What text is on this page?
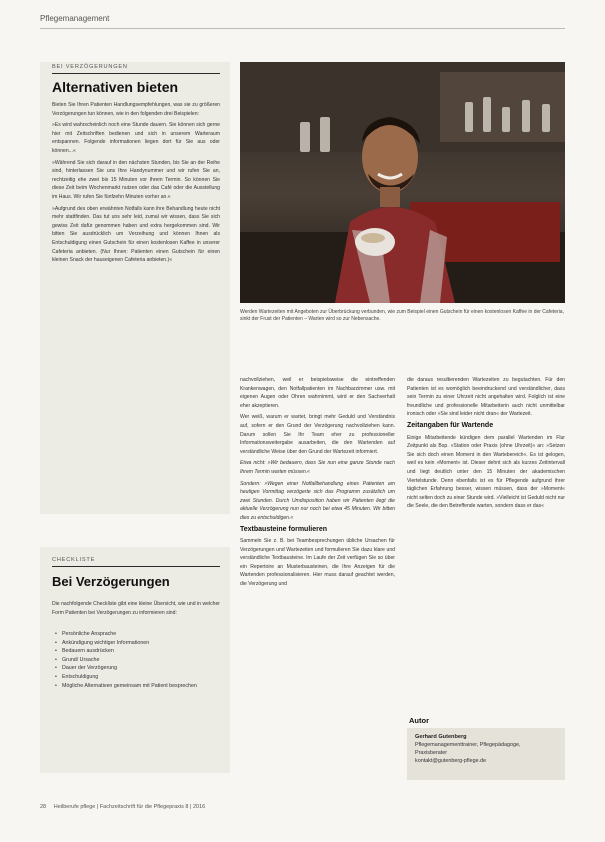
Pflegemanagement
BEI VERZÖGERUNGEN
Alternativen bieten

Bieten Sie Ihren Patienten Handlungsempfehlungen, was sie zu größeren Verzögerungen tun können, wie in den folgenden drei Beispielen:

»Es wird wahrscheinlich noch eine Stunde dauern. Sie können sich gerne hier mit Zeitschriften bedienen und sich in unserem Warteraum entspannen. Folgende informationen liegen dort für Sie aus oder können...«

»Während Sie sich darauf in den nächsten Stunden, bis Sie an der Reihe sind, hinterlassen Sie uns Ihre Handynummer und wir rufen Sie an, rechtzeitig ehe zwei bis 15 Minuten vor Ihrem Termin. So können Sie diese Zeit beim Wochenmarkt nutzen oder das Café oder die Ausstellung im Haus. Wir rufen Sie fünfzehn Minuten vorher an.«

»Aufgrund des oben erwähnten Notfalls kann ihre Behandlung heute nicht mehr stattfinden. Das tut uns sehr leid, zumal wir wissen, dass Sie sich gewiss Zeit dafür genommen haben und extra hergekommen sind. Wir bitten Sie ausdrücklich um Verzeihung und können Ihnen als Entschuldigung einen Gutschein für einen kostenlosen Kaffee in unserer Cafeteria anbieten. (Nur Ihnen: Patienten einen Gutschein für einen kleinen Snack der hauseigenen Cafeteria anbieten.)«

CHECKLISTE
Bei Verzögerungen
Die nachfolgende Checkliste gibt eine kleine Übersicht, wie und in welcher Form Patienten bei Verzögerungen zu informieren sind:
• Persönliche Ansprache
• Ankündigung wichtiger Informationen
• Bedauern ausdrücken
• Grund/ Ursache
• Dauer der Verzögerung
• Entschuldigung
• Mögliche Alternativen gemeinsam mit Patient besprechen
Werden Wartezeiten mit Angeboten zur Überbrückung verbunden, wie zum Beispiel einen Gutschein für einen kostenlosen Kaffee in der Cafeteria, sinkt der Frust der Patienten – Warten wird so zur Nebensache.

nachvollziehen, weil er beispielsweise die eintreffenden Krankenwagen, den Notfallpatienten im Nachbarzimmer usw. mit eigenen Augen oder Ohren wahrnimmt, wird er den Sachverhalt eher akzeptieren.

Wer weiß, warum er wartet, bringt mehr Geduld und Verständnis auf, sofern er den Grund der Verzögerung nachvollziehen kann. Darum sollen Sie Ihr Team eher zu professioneller Informationsweitergabe ausarbeiten, die den Wartenden auf verständliche Weise über den Grund der Wartezeit informiert.

Etwa nicht: »Wir bedauern, dass Sie nun eine ganze Stunde nach Ihrem Termin warten müssen.«

Sondern: »Wegen einer Notfallbehandlung eines Patienten am heutigen Vormittag verzögerte sich das Programm zusätzlich um zwei Stunden. Durch Umdisposition haben wir Patienten liegt die aktuelle Verzögerung nun nur noch bei etwa 45 Minuten. Wir bitten dies zu entschuldigen.«

Textbausteine formulieren

Sammeln Sie z. B. bei Teambesprechungen übliche Ursachen für Verzögerungen und Wartezeiten und formulieren Sie dazu klare und verständliche Textbausteine. Im Laufe der Zeit verfügen Sie so über ein Repertoire an Musterbausteinen, die Ihre Anzeigen für die Wartenden professionalisieren. Hier muss darauf geachtet werden, die Verzögerung und

die daraus resultierenden Wartezeiten zu begutachten. Für den Patienten ist es womöglich beeindruckend und verständlicher, dass sein Termin zu einer Uhrzeit nicht angehalten wird. Folglich ist eine freundliche und professionelle Mitarbeiterin auch nicht unmittelbar ironisch oder »Sie sind leider nicht dran« der Wartezeit.

Zeitangaben für Wartende

Einige Mitarbeitende kündigen dem parallel Wartenden im Flur Zeitpunkt als Bsp. »Station oder Praxis (ohne Uhrzeit)« an: »Setzen Sie sich doch einen Moment in den Wartebereich«. Es ist gelogen, weil es kein »Moment« ist. Dieser dehnt sich als kurzes Zeitintervall und liegt deutlich unter den 15 Minuten der akademischen Viertelstunde. Denn ebenfalls ist es für Pflegende aufgrund ihrer täglichen Erfahrung besser, wissen müssen, dass der »Moment« nicht selten doch zu einer Stunde wird. »Vielleicht ist Geduld nicht nur die Seele, die den Betreffende warten, sondern dass er das«

Autor
Gerhard Gutenberg
Pflegemanagementtrainer, Pflegepädagoge,
Praxisberater
kontakt@gutenberg-pflege.de
28     Heilberufe pflege | Fachzeitschrift für die Pflegepraxis 8 | 2016
